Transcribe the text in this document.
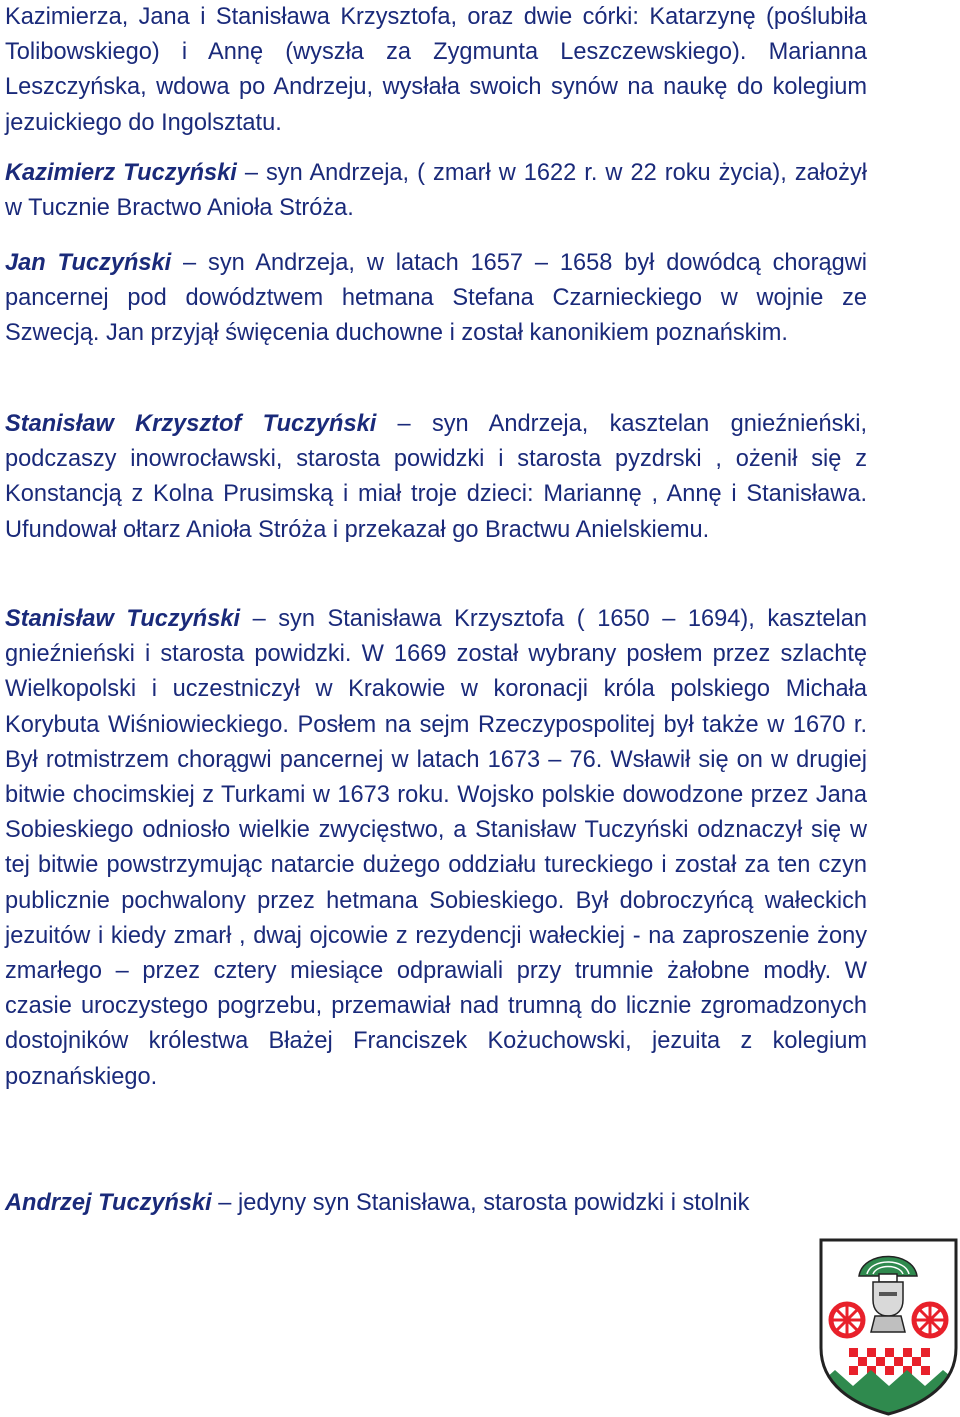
Kazimierza, Jana i Stanisława Krzysztofa, oraz dwie córki: Katarzynę (poślubiła Tolibowskiego) i Annę (wyszła za Zygmunta Leszczewskiego). Marianna Leszczyńska, wdowa po Andrzeju, wysłała swoich synów na naukę do kolegium jezuickiego do Ingolsztatu.

Kazimierz Tuczyński – syn Andrzeja, ( zmarł w 1622 r. w 22 roku życia), założył w Tucznie Bractwo Anioła Stróża.

Jan Tuczyński – syn Andrzeja, w latach 1657 – 1658 był dowódcą chorągwi pancernej pod dowództwem hetmana Stefana Czarnieckiego w wojnie ze Szwecją. Jan przyjął święcenia duchowne i został kanonikiem poznańskim.

Stanisław Krzysztof Tuczyński – syn Andrzeja, kasztelan gnieźnieński, podczaszy inowrocławski, starosta powidzki i starosta pyzdrski , ożenił się z Konstancją z Kolna Prusimską i miał troje dzieci: Mariannę , Annę i Stanisława. Ufundował ołtarz Anioła Stróża i przekazał go Bractwu Anielskiemu.

Stanisław Tuczyński – syn Stanisława Krzysztofa ( 1650 – 1694), kasztelan gnieźnieński i starosta powidzki. W 1669 został wybrany posłem przez szlachtę Wielkopolski i uczestniczył w Krakowie w koronacji króla polskiego Michała Korybuta Wiśniowieckiego. Posłem na sejm Rzeczypospolitej był także w 1670 r. Był rotmistrzem chorągwi pancernej w latach 1673 – 76. Wsławił się on w drugiej bitwie chocimskiej z Turkami w 1673 roku. Wojsko polskie dowodzone przez Jana Sobieskiego odniosło wielkie zwycięstwo, a Stanisław Tuczyński odznaczył się w tej bitwie powstrzymując natarcie dużego oddziału tureckiego i został za ten czyn publicznie pochwalony przez hetmana Sobieskiego. Był dobroczyńcą wałeckich jezuitów i kiedy zmarł , dwaj ojcowie z rezydencji wałeckiej - na zaproszenie żony zmarłego – przez cztery miesiące odprawiali przy trumnie żałobne modły. W czasie uroczystego pogrzebu, przemawiał nad trumną do licznie zgromadzonych dostojników królestwa Błażej Franciszek Kożuchowski, jezuita z kolegium poznańskiego.

Andrzej Tuczyński – jedyny syn Stanisława, starosta powidzki i stolnik
